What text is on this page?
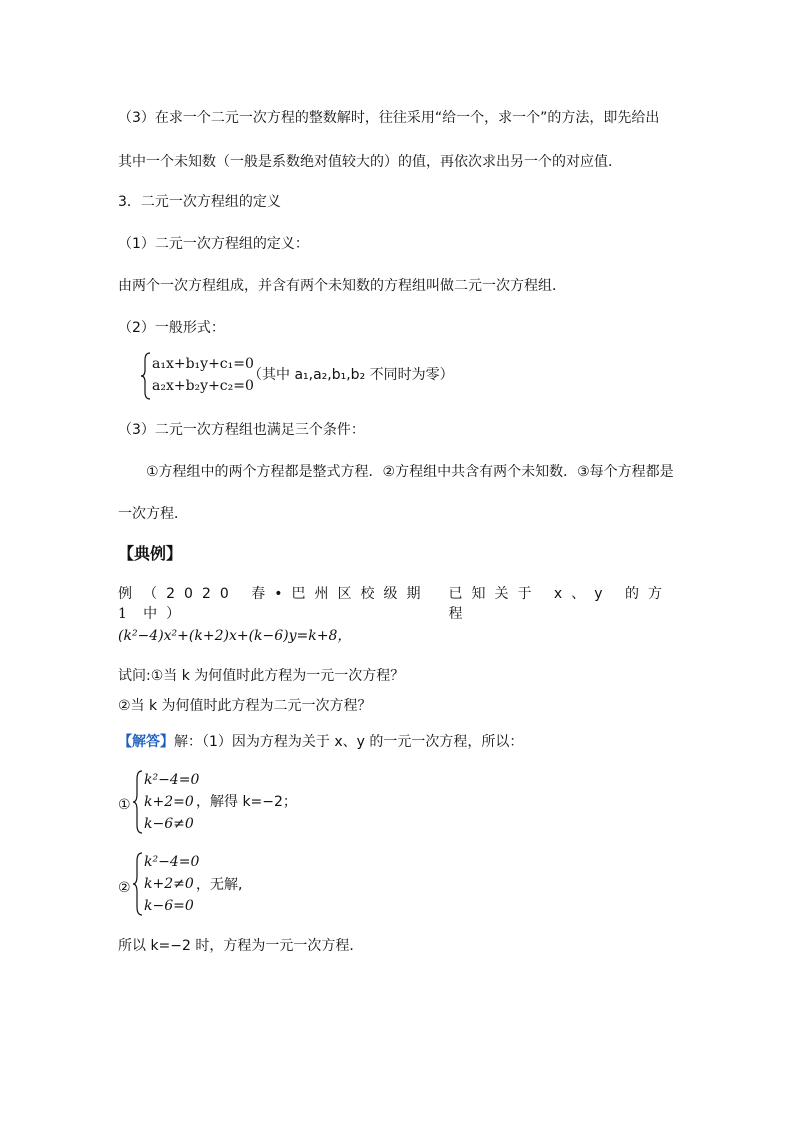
（3）在求一个二元一次方程的整数解时，往往采用“给一个，求一个”的方法，即先给出
其中一个未知数（一般是系数绝对值较大的）的值，再依次求出另一个的对应值．
3．二元一次方程组的定义
（1）二元一次方程组的定义：
由两个一次方程组成，并含有两个未知数的方程组叫做二元一次方程组．
（2）一般形式：
a₁x+b₁y+c₁=0
a₂x+b₂y+c₂=0
（其中 a₁,a₂,b₁,b₂ 不同时为零）
（3）二元一次方程组也满足三个条件：
①方程组中的两个方程都是整式方程．②方程组中共含有两个未知数．③每个方程都是
一次方程．
【典例】
例 1
（2020 春•巴州区校级期中）
已知关于 x、y 的方程
(k²−4)x²+(k+2)x+(k−6)y=k+8，
试问:①当 k 为何值时此方程为一元一次方程？
②当 k 为何值时此方程为二元一次方程？
【解答】解：（1）因为方程为关于 x、y 的一元一次方程，所以：
①
k²−4=0
k+2=0
k−6≠0
，解得 k=−2；
②
k²−4=0
k+2≠0
k−6=0
，无解,
所以 k=−2 时，方程为一元一次方程．
